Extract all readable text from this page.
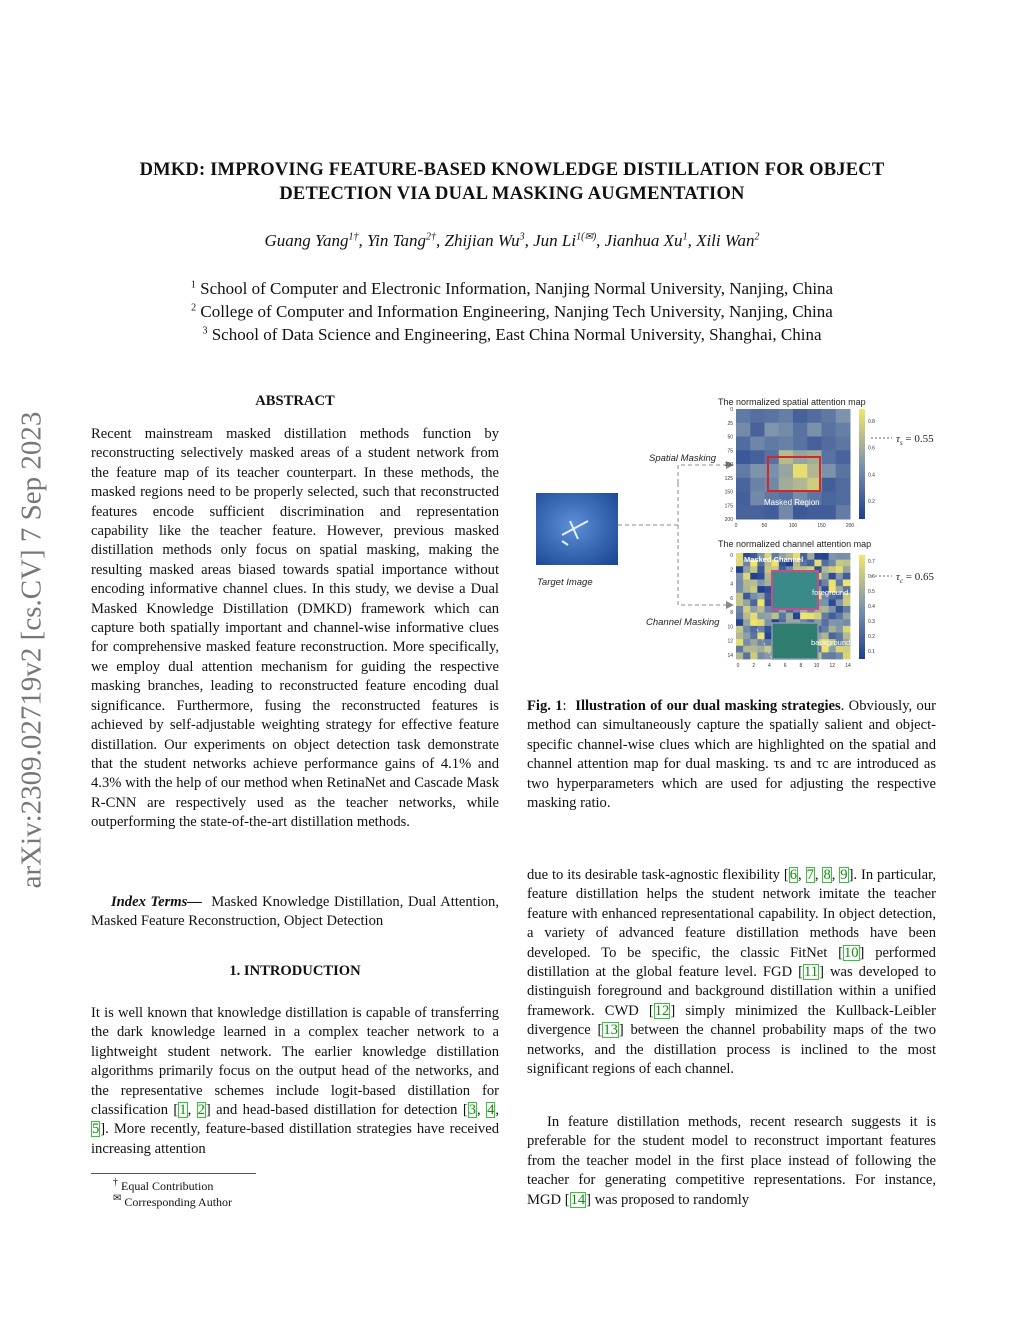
DMKD: IMPROVING FEATURE-BASED KNOWLEDGE DISTILLATION FOR OBJECT
DETECTION VIA DUAL MASKING AUGMENTATION
Guang Yang$^{1\dagger}$, Yin Tang$^{2\dagger}$, Zhijian Wu$^3$, Jun $Li^{1(✉)}$, Jianhua Xu$^1$, Xili Wan$^2$
$^1$ School of Computer and Electronic Information, Nanjing Normal University, Nanjing, China
$^2$ College of Computer and Information Engineering, Nanjing Tech University, Nanjing, China
$^3$ School of Data Science and Engineering, East China Normal University, Shanghai, China
arXiv:2309.02719v2 [cs.CV] 7 Sep 2023
ABSTRACT

Recent mainstream masked distillation methods function by reconstructing selectively masked areas of a student network from the feature map of its teacher counterpart. In these methods, the masked regions need to be properly selected, such that reconstructed features encode sufficient discrimination and representation capability like the teacher feature. However, previous masked distillation methods only focus on spatial masking, making the resulting masked areas biased towards spatial importance without encoding informative channel clues. In this study, we devise a Dual Masked Knowledge Distillation (DMKD) framework which can capture both spatially important and channel-wise informative clues for comprehensive masked feature reconstruction. More specifically, we employ dual attention mechanism for guiding the respective masking branches, leading to reconstructed feature encoding dual significance. Furthermore, fusing the reconstructed features is achieved by self-adjustable weighting strategy for effective feature distillation. Our experiments on object detection task demonstrate that the student networks achieve performance gains of 4.1% and 4.3% with the help of our method when RetinaNet and Cascade Mask R-CNN are respectively used as the teacher networks, while outperforming the state-of-the-art distillation methods.

Index Terms— Masked Knowledge Distillation, Dual Attention, Masked Feature Reconstruction, Object Detection

1. INTRODUCTION

It is well known that knowledge distillation is capable of transferring the dark knowledge learned in a complex teacher network to a lightweight student network. The earlier knowledge distillation algorithms primarily focus on the output head of the networks, and the representative schemes include logit-based distillation for classification [1, 2] and head-based distillation for detection [3, 4, 5]. More recently, feature-based distillation strategies have received increasing attention

† Equal Contribution
✉ Corresponding Author
Target Image
Spatial Masking
Channel Masking
The normalized spatial attention map
Masked Region
0
25
50
75
100
125
150
175
200
0	50	100	150	200
0.8
0.6
0.4
0.2
$\tau_s = 0.55$
The normalized channel attention map
Masked Channel
foreground
background
0
2
4
6
8
10
12
14
0	2	4	6	8 10 12 14
0.7
0.6
0.5
0.4
0.3
0.2
0.1
$\tau_c = 0.65$

Fig. 1:  Illustration of our dual masking strategies. Obviously, our method can simultaneously capture the spatially salient and object-specific channel-wise clues which are highlighted on the spatial and channel attention map for dual masking. τs and τc are introduced as two hyperparameters which are used for adjusting the respective masking ratio.

due to its desirable task-agnostic flexibility [6, 7, 8, 9]. In particular, feature distillation helps the student network imitate the teacher feature with enhanced representational capability. In object detection, a variety of advanced feature distillation methods have been developed. To be specific, the classic FitNet [10] performed distillation at the global feature level. FGD [11] was developed to distinguish foreground and background distillation within a unified framework. CWD [12] simply minimized the Kullback-Leibler divergence [13] between the channel probability maps of the two networks, and the distillation process is inclined to the most significant regions of each channel.

In feature distillation methods, recent research suggests it is preferable for the student model to reconstruct important features from the teacher model in the first place instead of following the teacher for generating competitive representations. For instance, MGD [14] was proposed to randomly
